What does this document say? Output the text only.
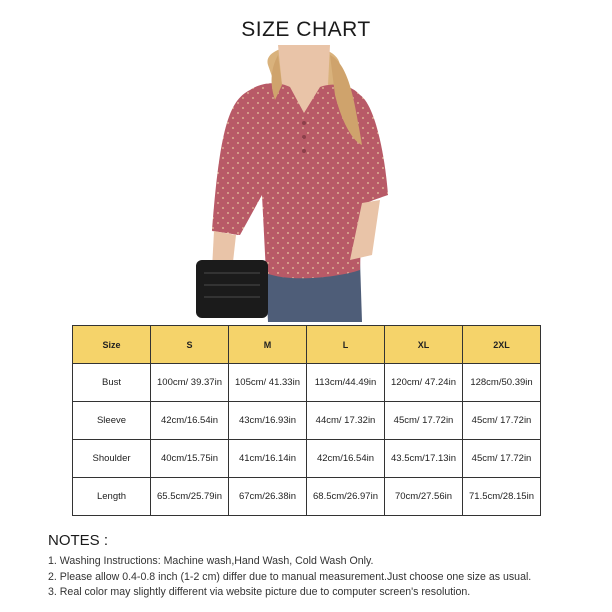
SIZE CHART
Size	S	M	L	XL	2XL
Bust	100cm/ 39.37in	105cm/ 41.33in	113cm/44.49in	120cm/ 47.24in	128cm/50.39in
Sleeve	42cm/16.54in	43cm/16.93in	44cm/ 17.32in	45cm/ 17.72in	45cm/ 17.72in
Shoulder	40cm/15.75in	41cm/16.14in	42cm/16.54in	43.5cm/17.13in	45cm/ 17.72in
Length	65.5cm/25.79in	67cm/26.38in	68.5cm/26.97in	70cm/27.56in	71.5cm/28.15in
NOTES :
1. Washing Instructions: Machine wash,Hand Wash, Cold Wash Only.
2. Please allow 0.4-0.8 inch (1-2 cm) differ due to manual measurement.Just choose one size as usual.
3. Real color may slightly different via website picture due to computer screen's resolution.
